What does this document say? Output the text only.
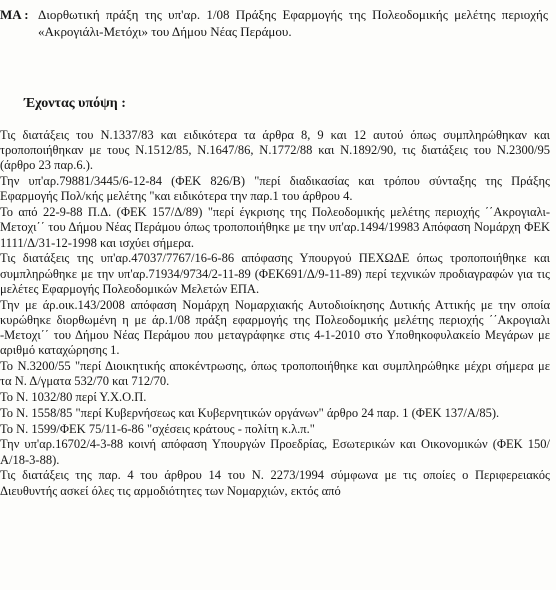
ΜΑ : Διορθωτική πράξη της υπ'αρ. 1/08 Πράξης Εφαρμογής της Πολεοδομικής μελέτης περιοχής «Ακρογιάλι-Μετόχι» του Δήμου Νέας Περάμου.
Έχοντας υπόψη :

Τις διατάξεις του Ν.1337/83 και ειδικότερα τα άρθρα 8, 9 και 12 αυτού όπως συμπληρώθηκαν και τροποποιήθηκαν με τους Ν.1512/85, Ν.1647/86, Ν.1772/88 και Ν.1892/90, τις διατάξεις του Ν.2300/95 (άρθρο 23 παρ.6.).

Την υπ'αρ.79881/3445/6-12-84 (ΦΕΚ 826/Β) "περί διαδικασίας και τρόπου σύνταξης της Πράξης Εφαρμογής Πολ/κής μελέτης "και ειδικότερα την παρ.1 του άρθρου 4.

Το από 22-9-88 Π.Δ. (ΦΕΚ 157/Δ/89) "περί έγκρισης της Πολεοδομικής μελέτης περιοχής ΄΄Ακρογιαλι-Μετοχι΄΄ του Δήμου Νέας Περάμου όπως τροποποιήθηκε με την υπ'αρ.1494/19983 Απόφαση Νομάρχη ΦΕΚ 1111/Δ/31-12-1998 και ισχύει σήμερα.

Τις διατάξεις της υπ'αρ.47037/7767/16-6-86 απόφασης Υπουργού ΠΕΧΩΔΕ όπως τροποποιήθηκε και συμπληρώθηκε με την υπ'αρ.71934/9734/2-11-89 (ΦΕΚ691/Δ/9-11-89) περί τεχνικών προδιαγραφών για τις μελέτες Εφαρμογής Πολεοδομικών Μελετών ΕΠΑ.

Την με άρ.οικ.143/2008 απόφαση Νομάρχη Νομαρχιακής Αυτοδιοίκησης Δυτικής Αττικής με την οποία κυρώθηκε διορθωμένη η με άρ.1/08 πράξη εφαρμογής της Πολεοδομικής μελέτης περιοχής ΄΄Ακρογιαλι -Μετοχι΄΄ του Δήμου Νέας Περάμου που μεταγράφηκε στις 4-1-2010 στο Υποθηκοφυλακείο Μεγάρων με αριθμό καταχώρησης 1.

Το Ν.3200/55 "περί Διοικητικής αποκέντρωσης, όπως τροποποιήθηκε και συμπληρώθηκε μέχρι σήμερα με τα Ν. Δ/γματα 532/70 και 712/70.

Το Ν. 1032/80 περί Υ.Χ.Ο.Π.

Το Ν. 1558/85 "περί Κυβερνήσεως και Κυβερνητικών οργάνων" άρθρο 24 παρ. 1 (ΦΕΚ 137/Α/85).

Το Ν. 1599/ΦΕΚ 75/11-6-86 "σχέσεις κράτους - πολίτη κ.λ.π."

Την υπ'αρ.16702/4-3-88 κοινή απόφαση Υπουργών Προεδρίας, Εσωτερικών και Οικονομικών (ΦΕΚ 150/Α/18-3-88).

Τις διατάξεις της παρ. 4 του άρθρου 14 του Ν. 2273/1994 σύμφωνα με τις οποίες ο Περιφερειακός Διευθυντής ασκεί όλες τις αρμοδιότητες των Νομαρχιών, εκτός από
